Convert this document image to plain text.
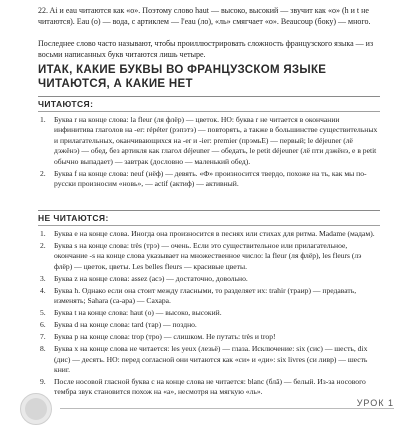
22. Ai и eau читаются как «о». Поэтому слово haut — высоко, высокий — звучит как «о» (h и t не читаются). Eau (о) — вода, с артиклем — l'eau (ло), «ль» смягчает «о». Beaucoup (боку) — много.

Последнее слово часто называют, чтобы проиллюстрировать сложность французского языка — из восьми написанных букв читаются лишь четыре.

ИТАК, КАКИЕ БУКВЫ ВО ФРАНЦУЗСКОМ ЯЗЫКЕ ЧИТАЮТСЯ, А КАКИЕ НЕТ
ЧИТАЮТСЯ:
1. Буква r на конце слова: la fleur (ля флёр) — цветок. НО: буква r не читается в окончании инфинитива глаголов на -er: répéter (рэпэтэ) — повторять, а также в большинстве существительных и прилагательных, оканчивающихся на -er и -ier: premier (прэмьЕ) — первый; le déjeuner (лё дэжёнэ) — обед, без артикля как глагол déjeuner — обедать, le petit déjeuner (лё пти дэжёнэ, e в petit обычно выпадает) — завтрак (дословно — маленький обед).
2. Буква f на конце слова: neuf (нёф) — девять. «Ф» произносится твердо, похоже на ть, как мы по-русски произносим «новь», — actif (актиф) — активный.
НЕ ЧИТАЮТСЯ:
1. Буква e на конце слова. Иногда она произносится в песнях или стихах для ритма. Madame (мадам).
2. Буква s на конце слова: très (трэ) — очень. Если это существительное или прилагательное, окончание -s на конце слова указывает на множественное число: la fleur (ля флёр), les fleurs (лэ флёр) — цветок, цветы. Les belles fleurs — красивые цветы.
3. Буква z на конце слова: assez (асэ) — достаточно, довольно.
4. Буква h. Однако если она стоит между гласными, то разделяет их: trahir (траир) — предавать, изменять; Sahara (са-ара) — Сахара.
5. Буква t на конце слова: haut (о) — высоко, высокий.
6. Буква d на конце слова: tard (тар) — поздно.
7. Буква p на конце слова: trop (тро) — слишком. Не путать: très и trop!
8. Буква x на конце слова не читается: les yeux (лезьё) — глаза. Исключение: six (сис) — шесть, dix (дис) — десять. НО: перед согласной они читаются как «си» и «ди»: six livres (си ливр) — шесть книг.
9. После носовой гласной буква c на конце слова не читается: blanc (блã) — белый. Из-за носового тембра звук становится похож на «а», несмотря на мягкую «ль».
УРОК 1
